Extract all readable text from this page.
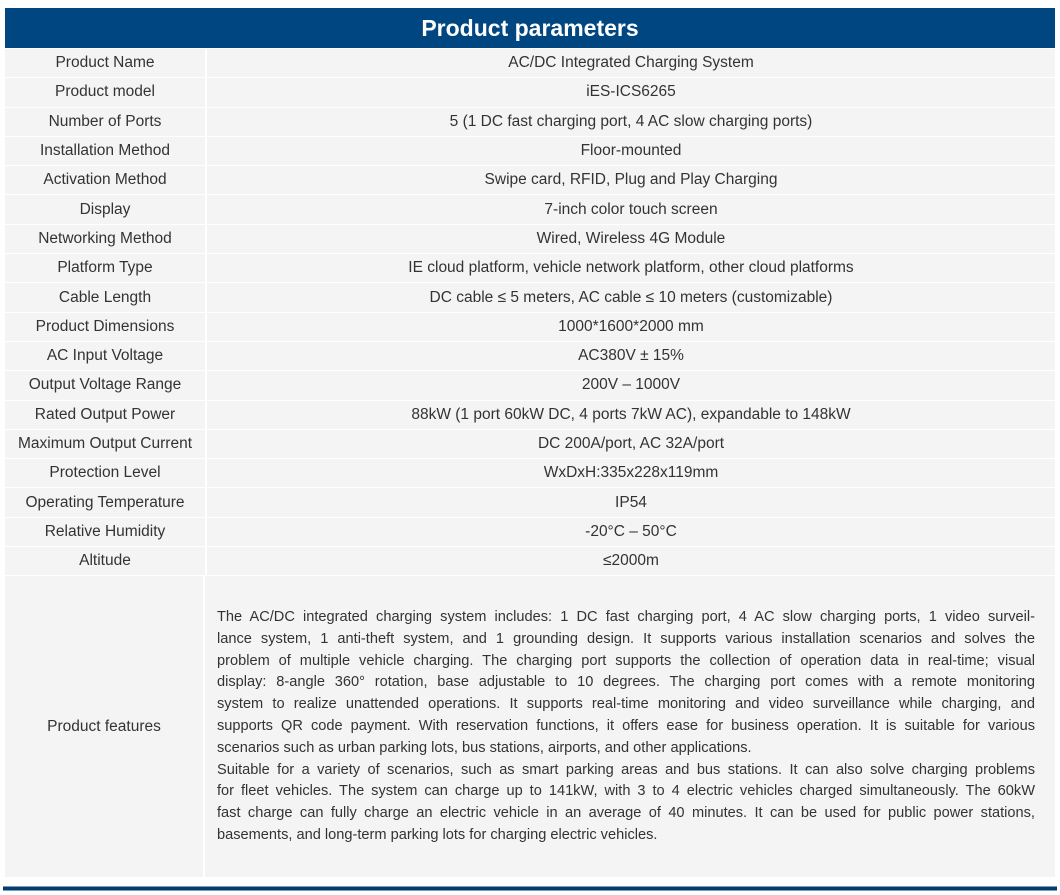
Product parameters
Product Name	AC/DC Integrated Charging System
Product model	iES-ICS6265
Number of Ports	5 (1 DC fast charging port, 4 AC slow charging ports)
Installation Method	Floor-mounted
Activation Method	Swipe card, RFID, Plug and Play Charging
Display	7-inch color touch screen
Networking Method	Wired, Wireless 4G Module
Platform Type	IE cloud platform, vehicle network platform, other cloud platforms
Cable Length	DC cable ≤ 5 meters, AC cable ≤ 10 meters (customizable)
Product Dimensions	1000*1600*2000 mm
AC Input Voltage	AC380V ± 15%
Output Voltage Range	200V – 1000V
Rated Output Power	88kW (1 port 60kW DC, 4 ports 7kW AC), expandable to 148kW
Maximum Output Current	DC 200A/port, AC 32A/port
Protection Level	WxDxH:335x228x119mm
Operating Temperature	IP54
Relative Humidity	-20°C – 50°C
Altitude	≤2000m
Product features
The AC/DC integrated charging system includes: 1 DC fast charging port, 4 AC slow charging ports, 1 video surveil-
lance system, 1 anti-theft system, and 1 grounding design. It supports various installation scenarios and solves the
problem of multiple vehicle charging. The charging port supports the collection of operation data in real-time; visual
display: 8-angle 360° rotation, base adjustable to 10 degrees. The charging port comes with a remote monitoring
system to realize unattended operations. It supports real-time monitoring and video surveillance while charging, and
supports QR code payment. With reservation functions, it offers ease for business operation. It is suitable for various
scenarios such as urban parking lots, bus stations, airports, and other applications.
Suitable for a variety of scenarios, such as smart parking areas and bus stations. It can also solve charging problems
for fleet vehicles. The system can charge up to 141kW, with 3 to 4 electric vehicles charged simultaneously. The 60kW
fast charge can fully charge an electric vehicle in an average of 40 minutes. It can be used for public power stations,
basements, and long-term parking lots for charging electric vehicles.
